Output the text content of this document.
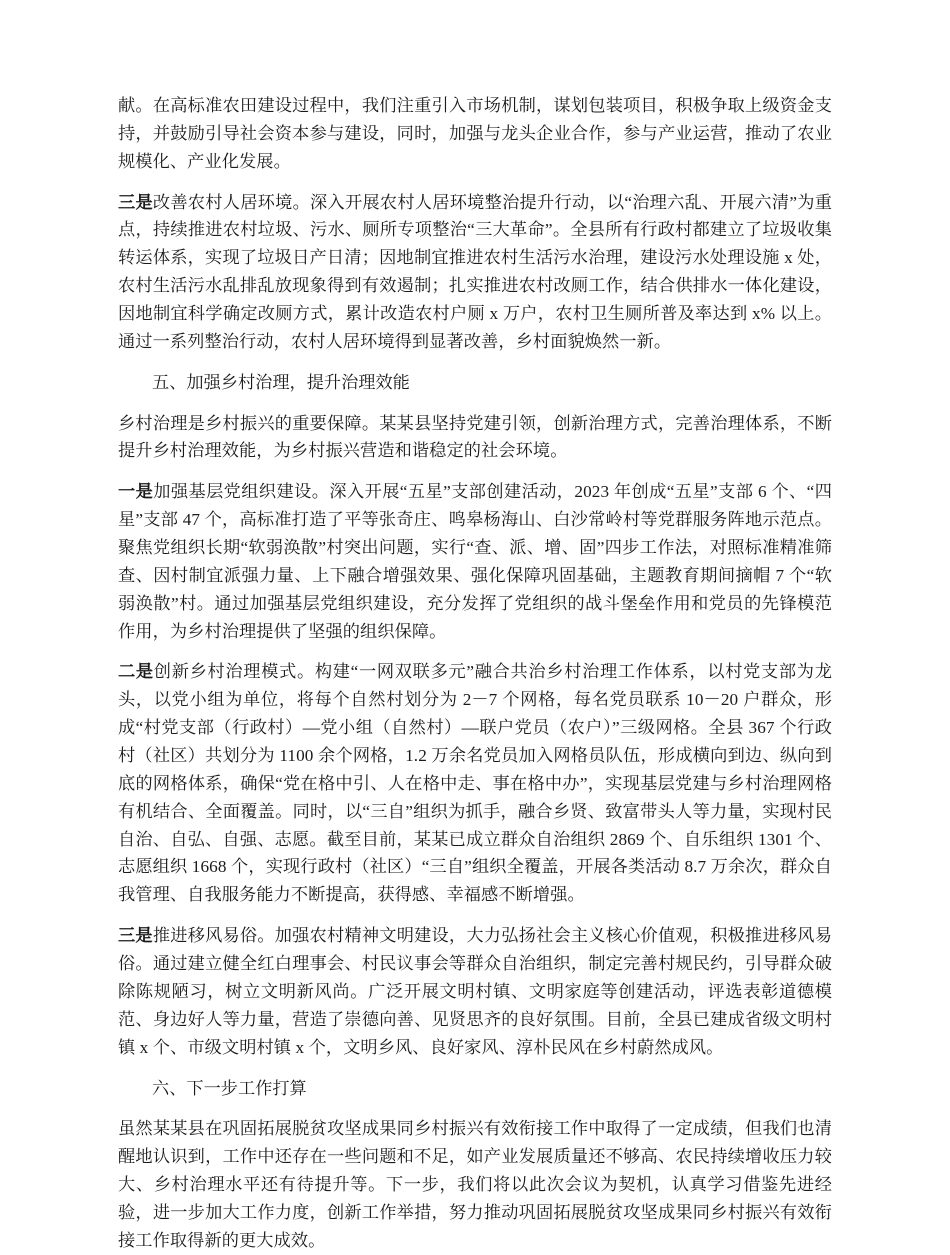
献。在高标准农田建设过程中，我们注重引入市场机制，谋划包装项目，积极争取上级资金支持，并鼓励引导社会资本参与建设，同时，加强与龙头企业合作，参与产业运营，推动了农业规模化、产业化发展。

三是改善农村人居环境。深入开展农村人居环境整治提升行动，以“治理六乱、开展六清”为重点，持续推进农村垃圾、污水、厕所专项整治“三大革命”。全县所有行政村都建立了垃圾收集转运体系，实现了垃圾日产日清；因地制宜推进农村生活污水治理，建设污水处理设施 x 处，农村生活污水乱排乱放现象得到有效遏制；扎实推进农村改厕工作，结合供排水一体化建设，因地制宜科学确定改厕方式，累计改造农村户厕 x 万户，农村卫生厕所普及率达到 x% 以上。通过一系列整治行动，农村人居环境得到显著改善，乡村面貌焕然一新。

五、加强乡村治理，提升治理效能

乡村治理是乡村振兴的重要保障。某某县坚持党建引领，创新治理方式，完善治理体系，不断提升乡村治理效能，为乡村振兴营造和谐稳定的社会环境。

一是加强基层党组织建设。深入开展“五星”支部创建活动，2023 年创成“五星”支部 6 个、“四星”支部 47 个，高标准打造了平等张奇庄、鸣皋杨海山、白沙常岭村等党群服务阵地示范点。聚焦党组织长期“软弱涣散”村突出问题，实行“查、派、增、固”四步工作法，对照标准精准筛查、因村制宜派强力量、上下融合增强效果、强化保障巩固基础，主题教育期间摘帽 7 个“软弱涣散”村。通过加强基层党组织建设，充分发挥了党组织的战斗堡垒作用和党员的先锋模范作用，为乡村治理提供了坚强的组织保障。

二是创新乡村治理模式。构建“一网双联多元”融合共治乡村治理工作体系，以村党支部为龙头，以党小组为单位，将每个自然村划分为 2－7 个网格，每名党员联系 10－20 户群众，形成“村党支部（行政村）—党小组（自然村）—联户党员（农户）”三级网格。全县 367 个行政村（社区）共划分为 1100 余个网格，1.2 万余名党员加入网格员队伍，形成横向到边、纵向到底的网格体系，确保“党在格中引、人在格中走、事在格中办”，实现基层党建与乡村治理网格有机结合、全面覆盖。同时，以“三自”组织为抓手，融合乡贤、致富带头人等力量，实现村民自治、自弘、自强、志愿。截至目前，某某已成立群众自治组织 2869 个、自乐组织 1301 个、志愿组织 1668 个，实现行政村（社区）“三自”组织全覆盖，开展各类活动 8.7 万余次，群众自我管理、自我服务能力不断提高，获得感、幸福感不断增强。

三是推进移风易俗。加强农村精神文明建设，大力弘扬社会主义核心价值观，积极推进移风易俗。通过建立健全红白理事会、村民议事会等群众自治组织，制定完善村规民约，引导群众破除陈规陋习，树立文明新风尚。广泛开展文明村镇、文明家庭等创建活动，评选表彰道德模范、身边好人等力量，营造了崇德向善、见贤思齐的良好氛围。目前，全县已建成省级文明村镇 x 个、市级文明村镇 x 个，文明乡风、良好家风、淳朴民风在乡村蔚然成风。

六、下一步工作打算

虽然某某县在巩固拓展脱贫攻坚成果同乡村振兴有效衔接工作中取得了一定成绩，但我们也清醒地认识到，工作中还存在一些问题和不足，如产业发展质量还不够高、农民持续增收压力较大、乡村治理水平还有待提升等。下一步，我们将以此次会议为契机，认真学习借鉴先进经验，进一步加大工作力度，创新工作举措，努力推动巩固拓展脱贫攻坚成果同乡村振兴有效衔接工作取得新的更大成效。
